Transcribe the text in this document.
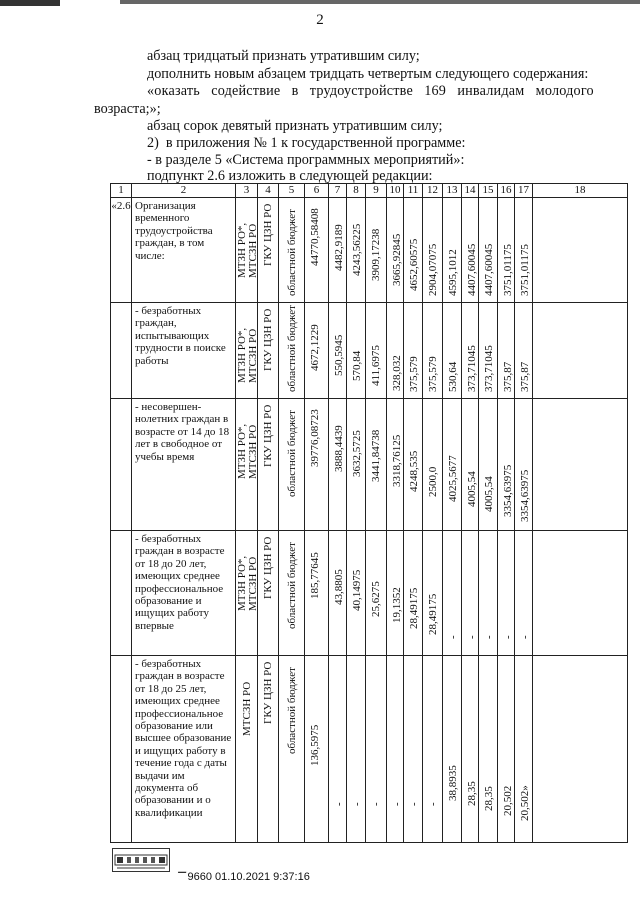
2
абзац тридцатый признать утратившим силу;
дополнить новым абзацем тридцать четвертым следующего содержания:
«оказать   содействие   в   трудоустройстве   169   инвалидам   молодого
возраста;»;
абзац сорок девятый признать утратившим силу;
2)  в приложения № 1 к государственной программе:
- в разделе 5 «Система программных мероприятий»:
подпункт 2.6 изложить в следующей редакции:
1	2	3	4	5	6	7	8	9	10	11	12	13	14	15	16	17	18
«2.6	Организация временного трудоустройства граждан, в том числе:	МТЗН РО*, МТСЗН РО	ГКУ ЦЗН РО	областной бюджет	44770,58408	4482,9189	4243,56225	3909,17238	3665,92845	4652,60575	2904,07075	4595,1012	4407,60045	4407,60045	3751,01175	3751,01175	

	- безработных граждан, испытывающих трудности в поиске работы	МТЗН РО*, МТСЗН РО	ГКУ ЦЗН РО	областной бюджет	4672,1229	550,5945	570,84	411,6975	328,032	375,579	375,579	530,64	373,71045	373,71045	375,87	375,87	

	- несовершен-нолетних граждан в возрасте от 14 до 18 лет в свободное от учебы время	МТЗН РО*, МТСЗН РО	ГКУ ЦЗН РО	областной бюджет	39776,08723	3888,4439	3632,5725	3441,84738	3318,76125	4248,535	2500,0	4025,5677	4005,54	4005,54	3354,63975	3354,63975	

	- безработных граждан в возрасте от 18 до 20 лет, имеющих среднее профессиональное образование и ищущих работу впервые	МТЗН РО*, МТСЗН РО	ГКУ ЦЗН РО	областной бюджет	185,77645	43,8805	40,14975	25,6275	19,1352	28,49175	28,49175	-	-	-	-	-	

	- безработных граждан в возрасте от 18 до 25 лет, имеющих среднее профессиональное образование или высшее образование и ищущих работу в течение года с даты выдачи им документа об образовании и о квалификации	МТСЗН РО	ГКУ ЦЗН РО	областной бюджет	136,5975	-	-	-	-	-	-	38,8935	28,35	28,35	20,502	20,502»	

Ⲻ 9660 01.10.2021 9:37:16
